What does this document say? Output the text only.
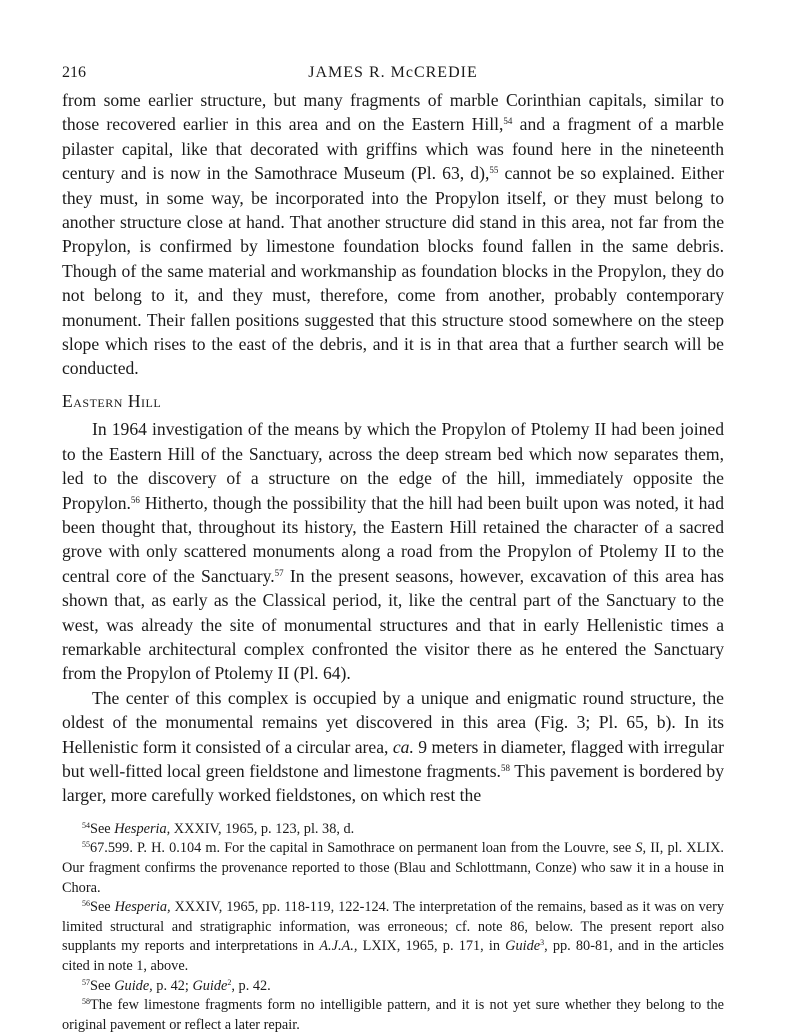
216	JAMES R. McCREDIE

from some earlier structure, but many fragments of marble Corinthian capitals, similar to those recovered earlier in this area and on the Eastern Hill,$^{54}$ and a fragment of a marble pilaster capital, like that decorated with griffins which was found here in the nineteenth century and is now in the Samothrace Museum (Pl. 63, d),$^{55}$ cannot be so explained. Either they must, in some way, be incorporated into the Propylon itself, or they must belong to another structure close at hand. That another structure did stand in this area, not far from the Propylon, is confirmed by limestone foundation blocks found fallen in the same debris. Though of the same material and workmanship as foundation blocks in the Propylon, they do not belong to it, and they must, therefore, come from another, probably contemporary monument. Their fallen positions suggested that this structure stood somewhere on the steep slope which rises to the east of the debris, and it is in that area that a further search will be conducted.

Eastern Hill

In 1964 investigation of the means by which the Propylon of Ptolemy II had been joined to the Eastern Hill of the Sanctuary, across the deep stream bed which now separates them, led to the discovery of a structure on the edge of the hill, immediately opposite the Propylon.$^{56}$ Hitherto, though the possibility that the hill had been built upon was noted, it had been thought that, throughout its history, the Eastern Hill retained the character of a sacred grove with only scattered monuments along a road from the Propylon of Ptolemy II to the central core of the Sanctuary.$^{57}$ In the present seasons, however, excavation of this area has shown that, as early as the Classical period, it, like the central part of the Sanctuary to the west, was already the site of monumental structures and that in early Hellenistic times a remarkable architectural complex confronted the visitor there as he entered the Sanctuary from the Propylon of Ptolemy II (Pl. 64).

The center of this complex is occupied by a unique and enigmatic round structure, the oldest of the monumental remains yet discovered in this area (Fig. 3; Pl. 65, b). In its Hellenistic form it consisted of a circular area, ca. 9 meters in diameter, flagged with irregular but well-fitted local green fieldstone and limestone fragments.$^{58}$ This pavement is bordered by larger, more carefully worked fieldstones, on which rest the

$^{54}$See Hesperia, XXXIV, 1965, p. 123, pl. 38, d.

$^{55}$67.599. P. H. 0.104 m. For the capital in Samothrace on permanent loan from the Louvre, see S, II, pl. XLIX. Our fragment confirms the provenance reported to those (Blau and Schlottmann, Conze) who saw it in a house in Chora.

$^{56}$See Hesperia, XXXIV, 1965, pp. 118-119, 122-124. The interpretation of the remains, based as it was on very limited structural and stratigraphic information, was erroneous; cf. note 86, below. The present report also supplants my reports and interpretations in A.J.A., LXIX, 1965, p. 171, in Guide$^3$, pp. 80-81, and in the articles cited in note 1, above.

$^{57}$See Guide, p. 42; Guide$^2$, p. 42.

$^{58}$The few limestone fragments form no intelligible pattern, and it is not yet sure whether they belong to the original pavement or reflect a later repair.
